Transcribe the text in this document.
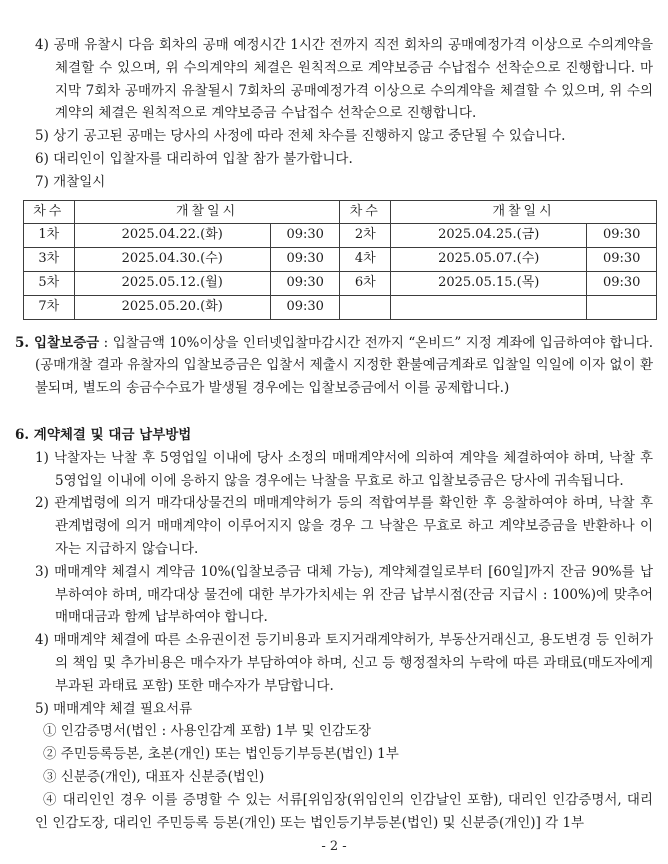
4) 공매 유찰시 다음 회차의 공매 예정시간 1시간 전까지 직전 회차의 공매예정가격 이상으로 수의계약을 체결할 수 있으며, 위 수의계약의 체결은 원칙적으로 계약보증금 수납접수 선착순으로 진행합니다. 마지막 7회차 공매까지 유찰될시 7회차의 공매예정가격 이상으로 수의계약을 체결할 수 있으며, 위 수의계약의 체결은 원칙적으로 계약보증금 수납접수 선착순으로 진행합니다.

5) 상기 공고된 공매는 당사의 사정에 따라 전체 차수를 진행하지 않고 중단될 수 있습니다.

6) 대리인이 입찰자를 대리하여 입찰 참가 불가합니다.

7) 개찰일시

차수	개찰일시		차수	개찰일시	
1차	2025.04.22.(화)	09:30	2차	2025.04.25.(금)	09:30
3차	2025.04.30.(수)	09:30	4차	2025.05.07.(수)	09:30
5차	2025.05.12.(월)	09:30	6차	2025.05.15.(목)	09:30
7차	2025.05.20.(화)	09:30			

5. 입찰보증금 : 입찰금액 10%이상을 인터넷입찰마감시간 전까지 “온비드” 지정 계좌에 입금하여야 합니다.(공매개찰 결과 유찰자의 입찰보증금은 입찰서 제출시 지정한 환불예금계좌로 입찰일 익일에 이자 없이 환불되며, 별도의 송금수수료가 발생될 경우에는 입찰보증금에서 이를 공제합니다.)

6. 계약체결 및 대금 납부방법

1) 낙찰자는 낙찰 후 5영업일 이내에 당사 소정의 매매계약서에 의하여 계약을 체결하여야 하며, 낙찰 후 5영업일 이내에 이에 응하지 않을 경우에는 낙찰을 무효로 하고 입찰보증금은 당사에 귀속됩니다.

2) 관계법령에 의거 매각대상물건의 매매계약허가 등의 적합여부를 확인한 후 응찰하여야 하며, 낙찰 후 관계법령에 의거 매매계약이 이루어지지 않을 경우 그 낙찰은 무효로 하고 계약보증금을 반환하나 이자는 지급하지 않습니다.

3) 매매계약 체결시 계약금 10%(입찰보증금 대체 가능), 계약체결일로부터 [60일]까지 잔금 90%를 납부하여야 하며, 매각대상 물건에 대한 부가가치세는 위 잔금 납부시점(잔금 지급시 : 100%)에 맞추어 매매대금과 함께 납부하여야 합니다.

4) 매매계약 체결에 따른 소유권이전 등기비용과 토지거래계약허가, 부동산거래신고, 용도변경 등 인허가의 책임 및 추가비용은 매수자가 부담하여야 하며, 신고 등 행정절차의 누락에 따른 과태료(매도자에게 부과된 과태료 포함) 또한 매수자가 부담합니다.

5) 매매계약 체결 필요서류

① 인감증명서(법인 : 사용인감계 포함) 1부 및 인감도장

② 주민등록등본, 초본(개인) 또는 법인등기부등본(법인) 1부

③ 신분증(개인), 대표자 신분증(법인)

④ 대리인인 경우 이를 증명할 수 있는 서류[위임장(위임인의 인감날인 포함), 대리인 인감증명서, 대리인 인감도장, 대리인 주민등록 등본(개인) 또는 법인등기부등본(법인) 및 신분증(개인)] 각 1부

- 2 -
